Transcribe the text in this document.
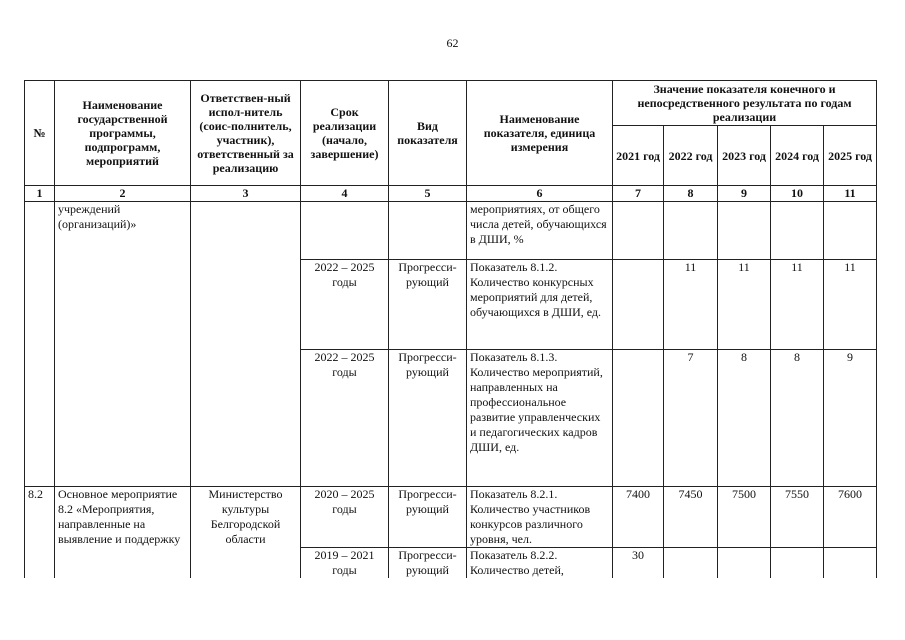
62
№	Наименование государственной программы, подпрограмм, мероприятий	Ответствен-ный испол-нитель (соис-полнитель, участник), ответственный за реализацию	Срок реализации (начало, завершение)	Вид показателя	Наименование показателя, единица измерения	Значение показателя конечного и непосредственного результата по годам реализации				
						2021 год	2022 год	2023 год	2024 год	2025 год
1	2	3	4	5	6	7	8	9	10	11
	учреждений (организаций)»				мероприятиях, от общего числа детей, обучающихся в ДШИ, %					
			2022 – 2025 годы	Прогресси-рующий	Показатель 8.1.2. Количество конкурсных мероприятий для детей, обучающихся в ДШИ, ед.		11	11	11	11
			2022 – 2025 годы	Прогресси-рующий	Показатель 8.1.3. Количество мероприятий, направленных на профессиональное развитие управленческих и педагогических кадров ДШИ, ед.		7	8	8	9
8.2	Основное мероприятие 8.2 «Мероприятия, направленные на выявление и поддержку	Министерство культуры Белгородской области	2020 – 2025 годы	Прогресси-рующий	Показатель 8.2.1. Количество участников конкурсов различного уровня, чел.	7400	7450	7500	7550	7600
			2019 – 2021 годы	Прогресси-рующий	Показатель 8.2.2. Количество детей,	30				
